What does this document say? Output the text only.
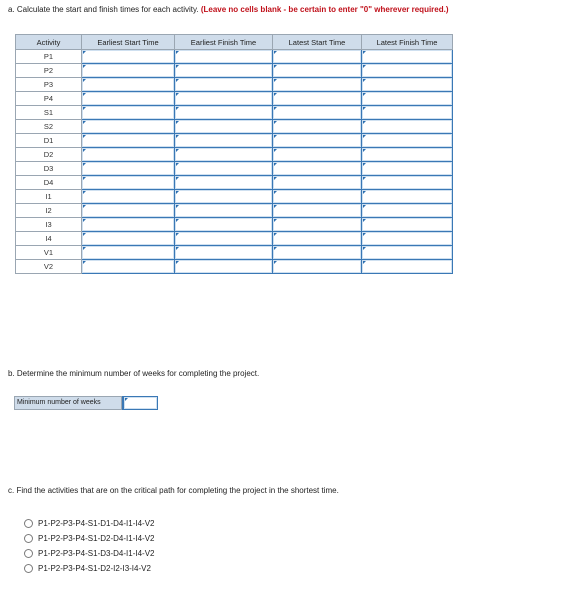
a. Calculate the start and finish times for each activity. (Leave no cells blank - be certain to enter "0" wherever required.)
Activity	Earliest Start Time	Earliest Finish Time	Latest Start Time	Latest Finish Time
P1				
P2				
P3				
P4				
S1				
S2				
D1				
D2				
D3				
D4				
I1				
I2				
I3				
I4				
V1				
V2				
b. Determine the minimum number of weeks for completing the project.
Minimum number of weeks
c. Find the activities that are on the critical path for completing the project in the shortest time.
P1-P2-P3-P4-S1-D1-D4-I1-I4-V2
P1-P2-P3-P4-S1-D2-D4-I1-I4-V2
P1-P2-P3-P4-S1-D3-D4-I1-I4-V2
P1-P2-P3-P4-S1-D2-I2-I3-I4-V2
